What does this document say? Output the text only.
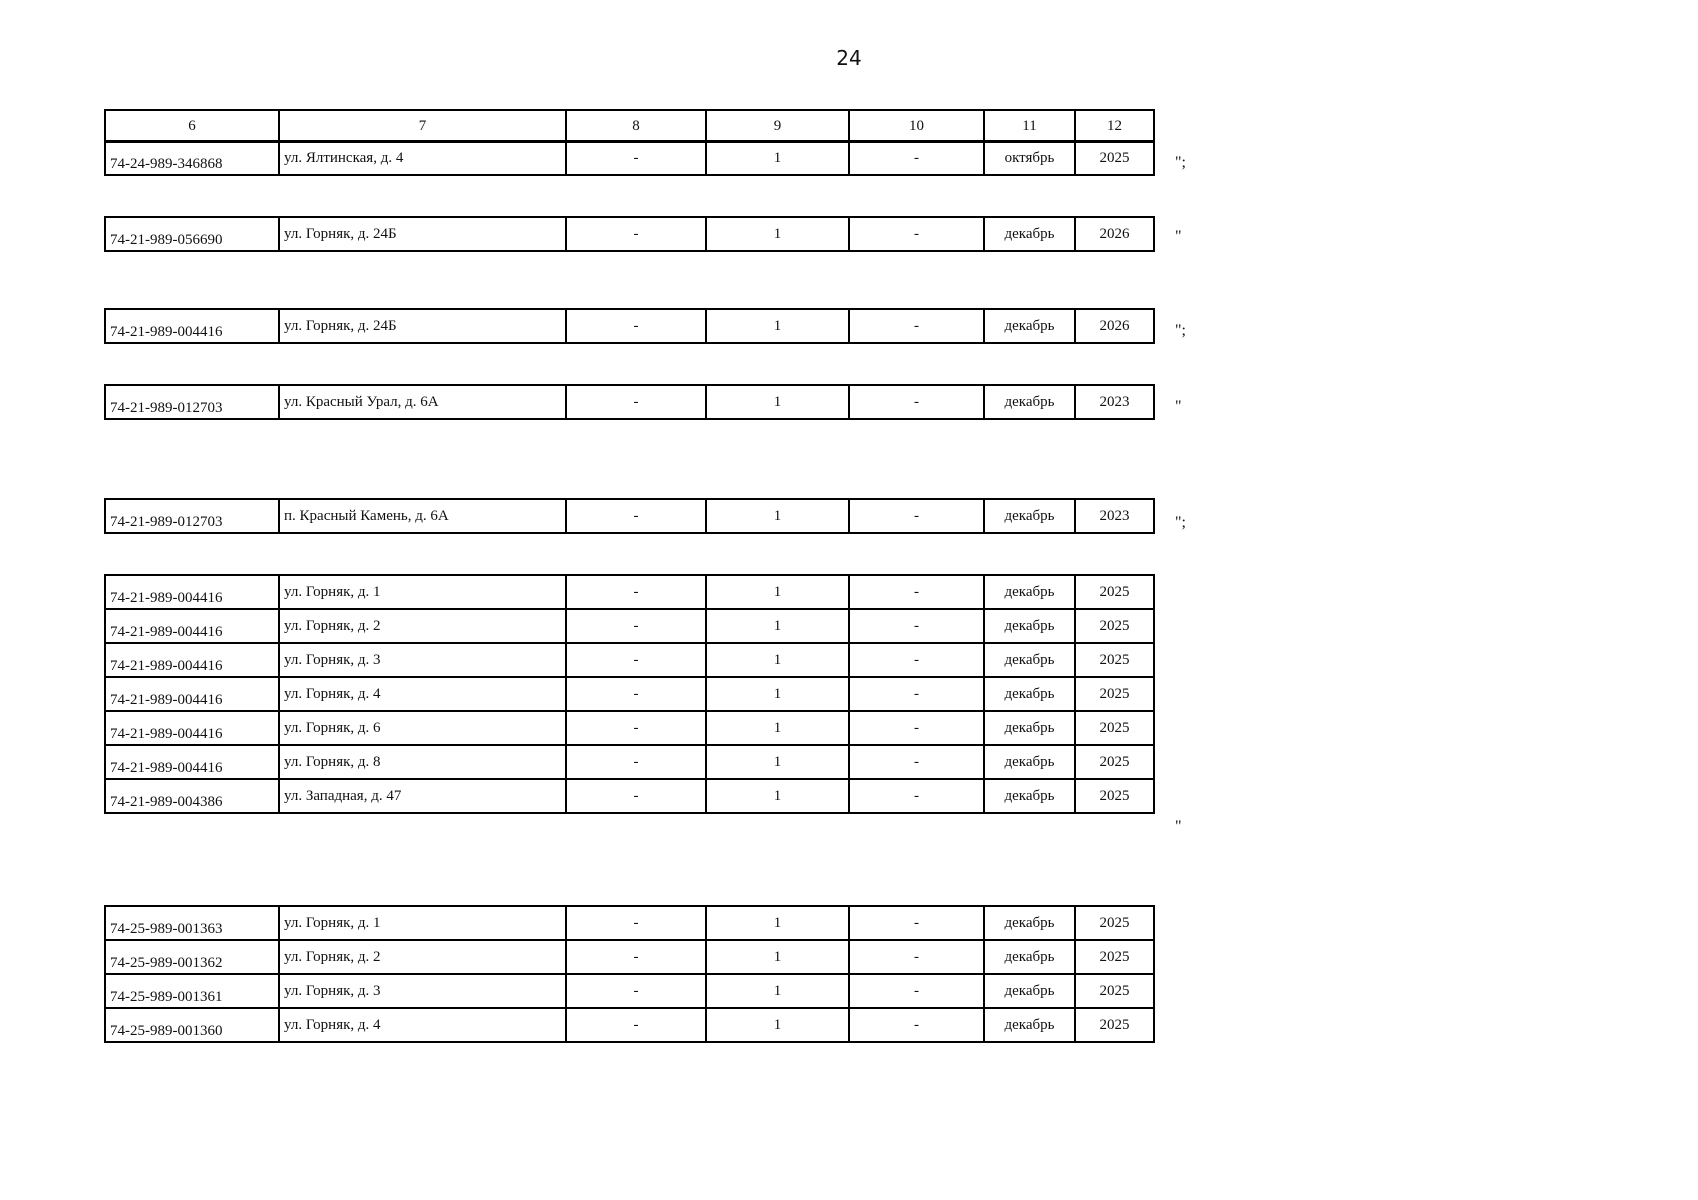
24
6	7	8	9	10	11	12
74-24-989-346868	ул. Ялтинская, д. 4	-	1	-	октябрь	2025	";
74-21-989-056690	ул. Горняк, д. 24Б	-	1	-	декабрь	2026	"
74-21-989-004416	ул. Горняк, д. 24Б	-	1	-	декабрь	2026	";
74-21-989-012703	ул. Красный Урал, д. 6А	-	1	-	декабрь	2023	"
74-21-989-012703	п. Красный Камень, д. 6А	-	1	-	декабрь	2023	";
74-21-989-004416	ул. Горняк, д. 1	-	1	-	декабрь	2025
74-21-989-004416	ул. Горняк, д. 2	-	1	-	декабрь	2025
74-21-989-004416	ул. Горняк, д. 3	-	1	-	декабрь	2025
74-21-989-004416	ул. Горняк, д. 4	-	1	-	декабрь	2025
74-21-989-004416	ул. Горняк, д. 6	-	1	-	декабрь	2025
74-21-989-004416	ул. Горняк, д. 8	-	1	-	декабрь	2025
74-21-989-004386	ул. Западная, д. 47	-	1	-	декабрь	2025
"
74-25-989-001363	ул. Горняк, д. 1	-	1	-	декабрь	2025
74-25-989-001362	ул. Горняк, д. 2	-	1	-	декабрь	2025
74-25-989-001361	ул. Горняк, д. 3	-	1	-	декабрь	2025
74-25-989-001360	ул. Горняк, д. 4	-	1	-	декабрь	2025
